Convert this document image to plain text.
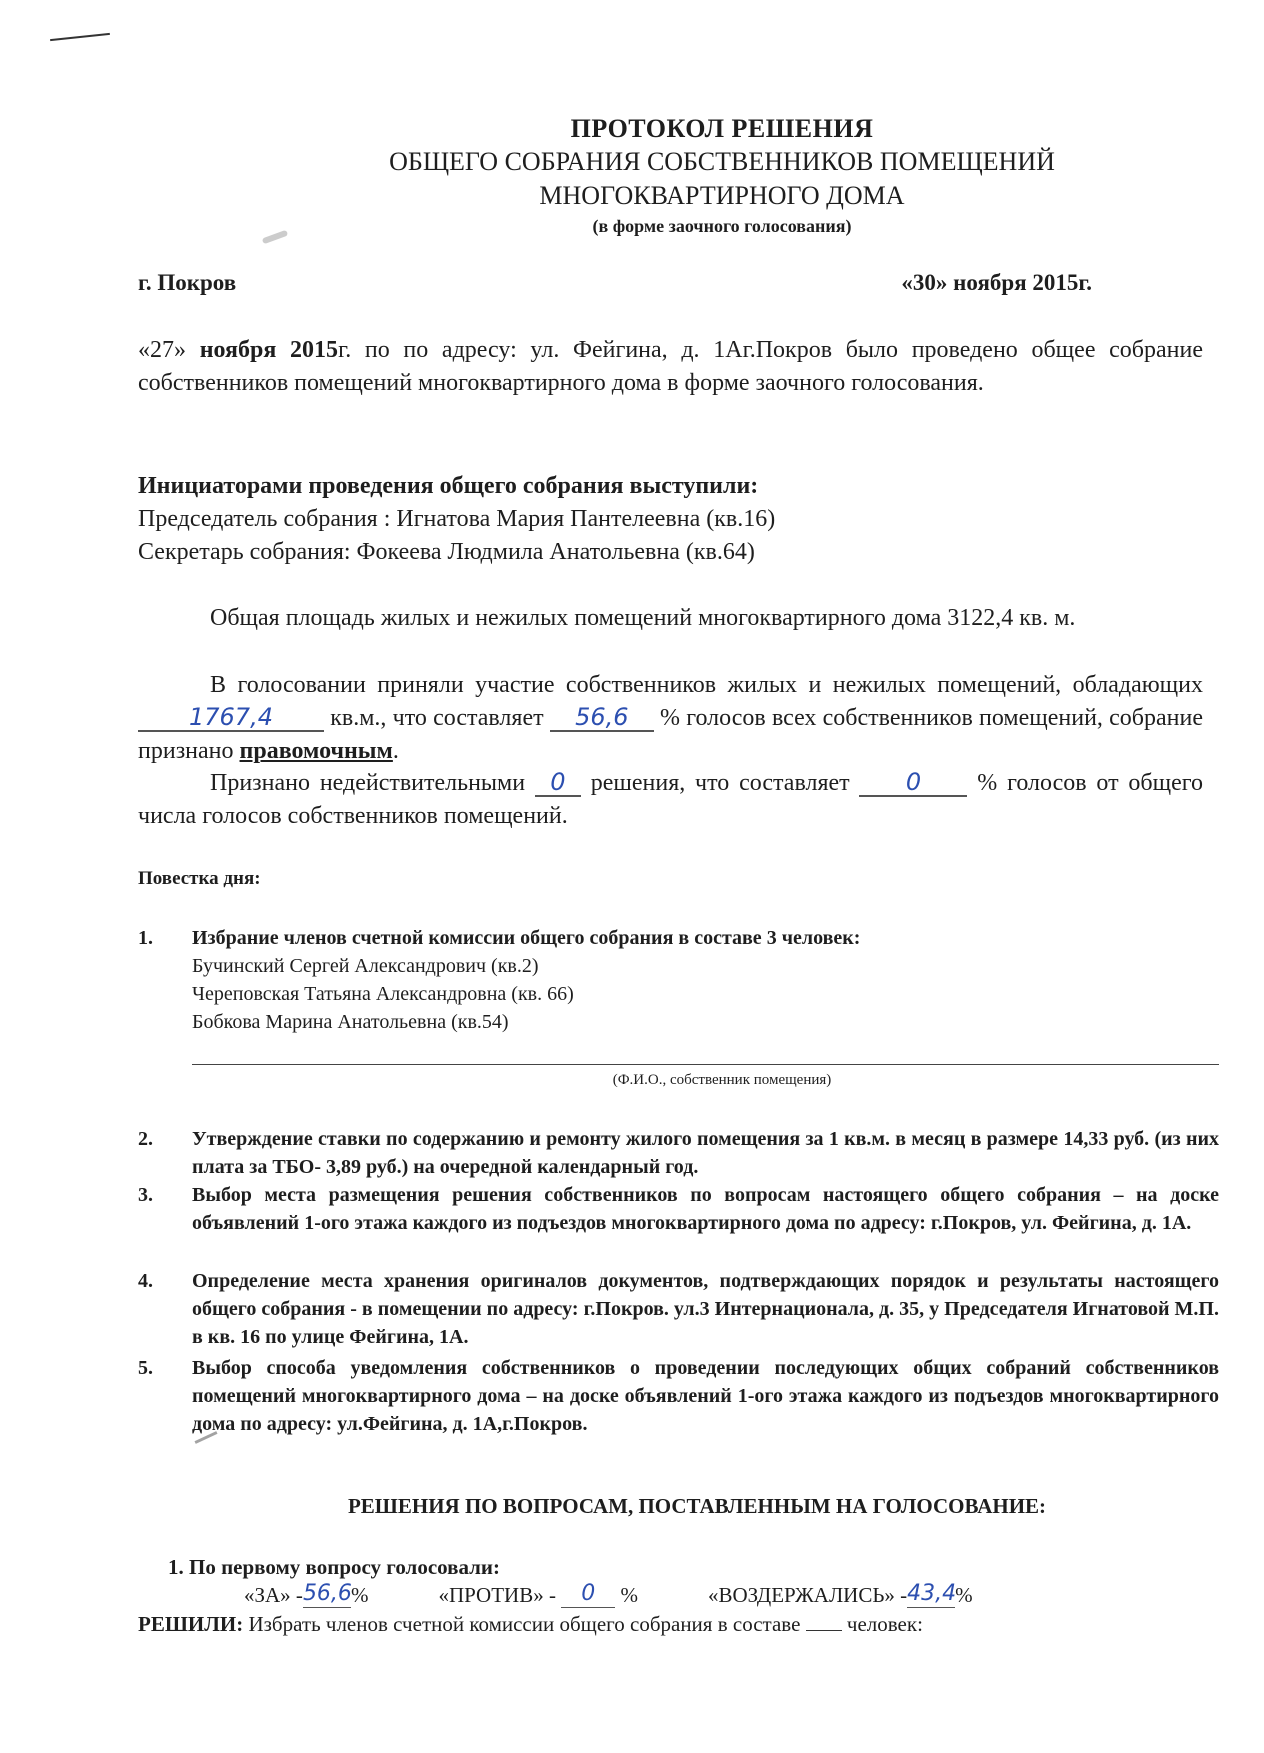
ПРОТОКОЛ РЕШЕНИЯ
ОБЩЕГО СОБРАНИЯ СОБСТВЕННИКОВ ПОМЕЩЕНИЙ
МНОГОКВАРТИРНОГО ДОМА
(в форме заочного голосования)
г. Покров	«30» ноября 2015г.
«27» ноября 2015г. по по адресу: ул. Фейгина, д. 1Аг.Покров было проведено общее собрание собственников помещений многоквартирного дома в форме заочного голосования.
Инициаторами проведения общего собрания выступили:
Председатель собрания : Игнатова Мария Пантелеевна (кв.16)
Секретарь собрания: Фокеева Людмила Анатольевна (кв.64)
Общая площадь жилых и нежилых помещений многоквартирного дома 3122,4 кв. м.
В голосовании приняли участие собственников жилых и нежилых помещений, обладающих 1767,4 кв.м., что составляет 56,6 % голосов всех собственников помещений, собрание признано правомочным.
Признано недействительными 0 решения, что составляет 0 % голосов от общего числа голосов собственников помещений.
Повестка дня:
1. Избрание членов счетной комиссии общего собрания в составе 3 человек:
Бучинский Сергей Александрович (кв.2)
Череповская Татьяна Александровна (кв. 66)
Бобкова Марина Анатольевна (кв.54)
(Ф.И.О., собственник помещения)
2. Утверждение ставки по содержанию и ремонту жилого помещения за 1 кв.м. в месяц в размере 14,33 руб. (из них плата за ТБО- 3,89 руб.) на очередной календарный год.
3. Выбор места размещения решения собственников по вопросам настоящего общего собрания – на доске объявлений 1-ого этажа каждого из подъездов многоквартирного дома по адресу: г.Покров, ул. Фейгина, д. 1А.
4. Определение места хранения оригиналов документов, подтверждающих порядок и результаты настоящего общего собрания - в помещении по адресу: г.Покров. ул.3 Интернационала, д. 35, у Председателя Игнатовой М.П. в кв. 16 по улице Фейгина, 1А.
5. Выбор способа уведомления собственников о проведении последующих общих собраний собственников помещений многоквартирного дома – на доске объявлений 1-ого этажа каждого из подъездов многоквартирного дома по адресу: ул.Фейгина, д. 1А,г.Покров.
РЕШЕНИЯ ПО ВОПРОСАМ, ПОСТАВЛЕННЫМ НА ГОЛОСОВАНИЕ:
1. По первому вопросу голосовали:
«ЗА» - 56,6 %	«ПРОТИВ» - 0 %	«ВОЗДЕРЖАЛИСЬ» - 43,4 %
РЕШИЛИ: Избрать членов счетной комиссии общего собрания в составе  человек:
